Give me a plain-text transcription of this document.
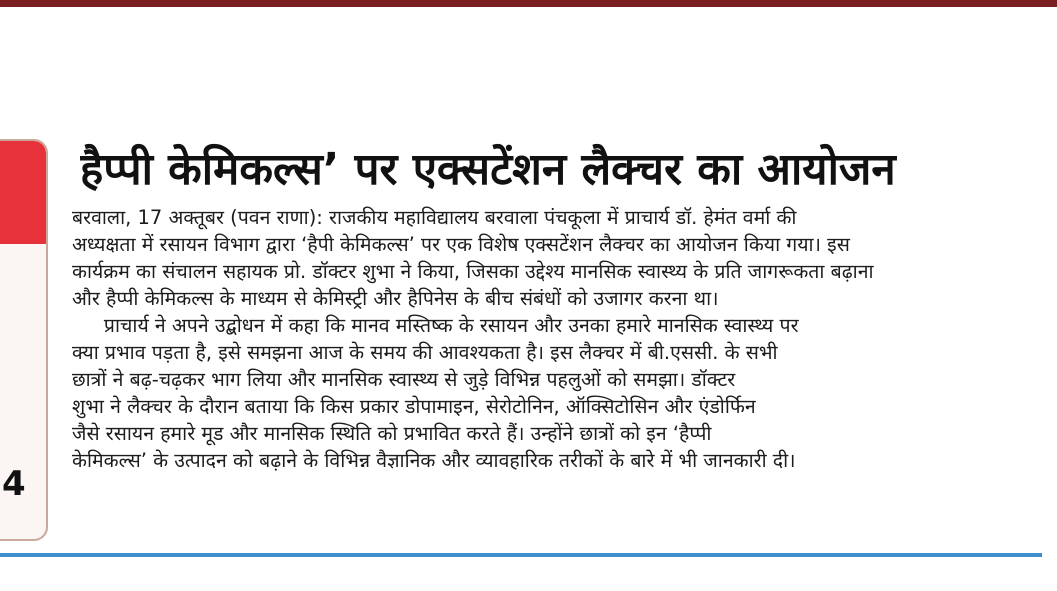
4
हैप्पी केमिकल्स’ पर एक्सटेंशन लैक्चर का आयोजन
बरवाला, 17 अक्तूबर (पवन राणा): राजकीय महाविद्यालय बरवाला पंचकूला में प्राचार्य डॉ. हेमंत वर्मा की
अध्यक्षता में रसायन विभाग द्वारा ‘हैपी केमिकल्स’ पर एक विशेष एक्सटेंशन लैक्चर का आयोजन किया गया। इस
कार्यक्रम का संचालन सहायक प्रो. डॉक्टर शुभा ने किया, जिसका उद्देश्य मानसिक स्वास्थ्य के प्रति जागरूकता बढ़ाना
और हैप्पी केमिकल्स के माध्यम से केमिस्ट्री और हैपिनेस के बीच संबंधों को उजागर करना था।
प्राचार्य ने अपने उद्बोधन में कहा कि मानव मस्तिष्क के रसायन और उनका हमारे मानसिक स्वास्थ्य पर
क्या प्रभाव पड़ता है, इसे समझना आज के समय की आवश्यकता है। इस लैक्चर में बी.एससी. के सभी
छात्रों ने बढ़-चढ़कर भाग लिया और मानसिक स्वास्थ्य से जुड़े विभिन्न पहलुओं को समझा। डॉक्टर
शुभा ने लैक्चर के दौरान बताया कि किस प्रकार डोपामाइन, सेरोटोनिन, ऑक्सिटोसिन और एंडोर्फिन
जैसे रसायन हमारे मूड और मानसिक स्थिति को प्रभावित करते हैं। उन्होंने छात्रों को इन ‘हैप्पी
केमिकल्स’ के उत्पादन को बढ़ाने के विभिन्न वैज्ञानिक और व्यावहारिक तरीकों के बारे में भी जानकारी दी।
